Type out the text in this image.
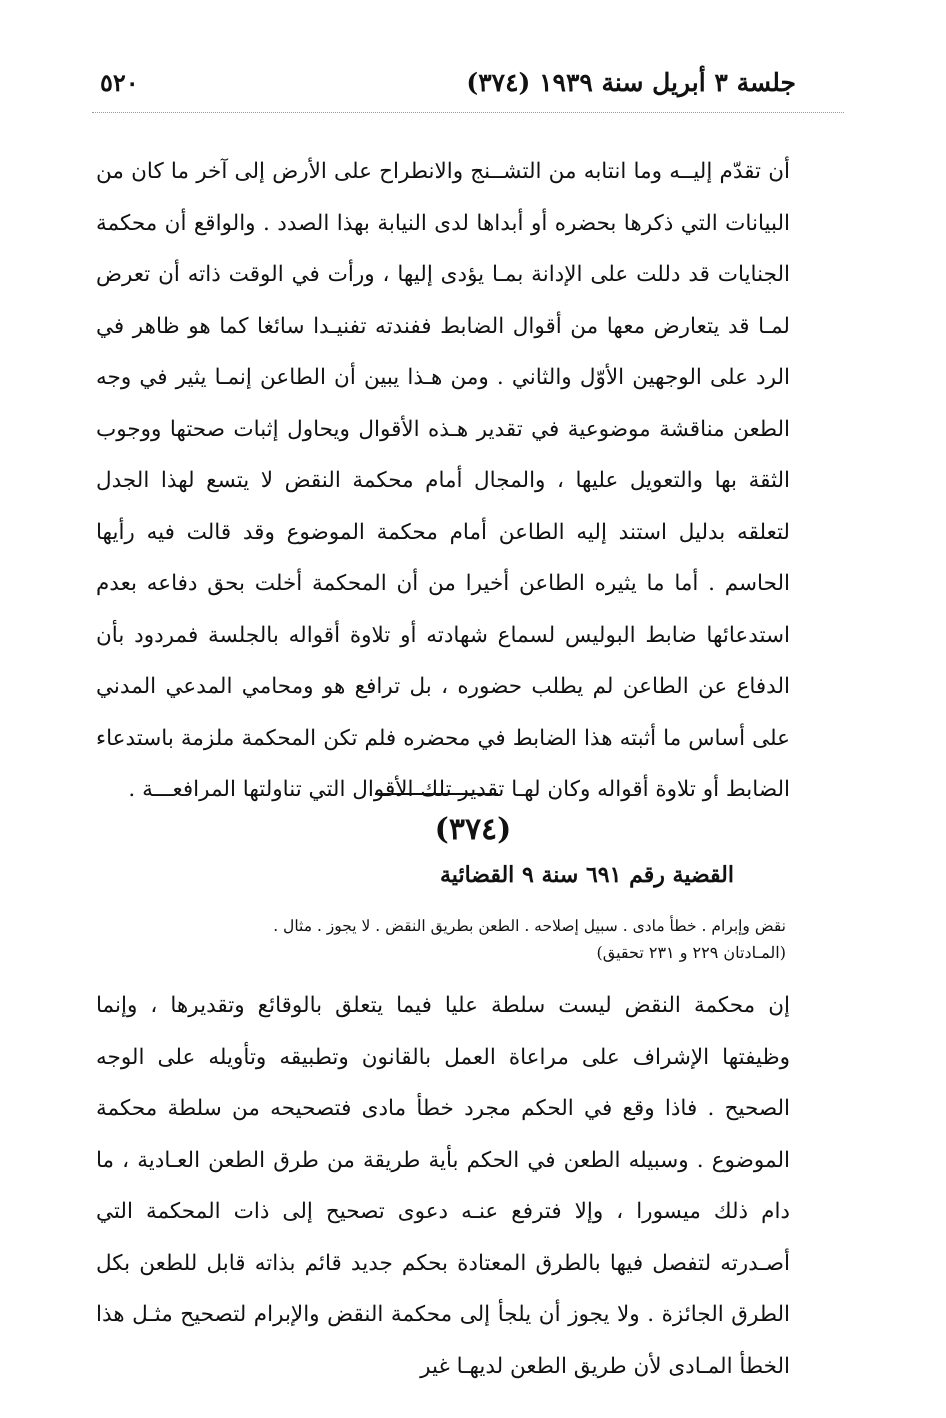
٥٢٠	جلسة ٣ أبريل سنة ١٩٣٩ (٣٧٤)

أن تقدّم إليــه وما انتابه من التشــنج والانطراح على الأرض إلى آخر ما كان من البيانات التي ذكرها بحضره أو أبداها لدى النيابة بهذا الصدد . والواقع أن محكمة الجنايات قد دللت على الإدانة بمـا يؤدى إليها ، ورأت في الوقت ذاته أن تعرض لمـا قد يتعارض معها من أقوال الضابط ففندته تفنيـدا سائغا كما هو ظاهر في الرد على الوجهين الأوّل والثاني . ومن هـذا يبين أن الطاعن إنمـا يثير في وجه الطعن مناقشة موضوعية في تقدير هـذه الأقوال ويحاول إثبات صحتها ووجوب الثقة بها والتعويل عليها ، والمجال أمام محكمة النقض لا يتسع لهذا الجدل لتعلقه بدليل استند إليه الطاعن أمام محكمة الموضوع وقد قالت فيه رأيها الحاسم . أما ما يثيره الطاعن أخيرا من أن المحكمة أخلت بحق دفاعه بعدم استدعائها ضابط البوليس لسماع شهادته أو تلاوة أقواله بالجلسة فمردود بأن الدفاع عن الطاعن لم يطلب حضوره ، بل ترافع هو ومحامي المدعي المدني على أساس ما أثبته هذا الضابط في محضره فلم تكن المحكمة ملزمة باستدعاء الضابط أو تلاوة أقواله وكان لهـا تقدير تلك الأقوال التي تناولتها المرافعـــة .

(٣٧٤)
القضية رقم ٦٩١ سنة ٩ القضائية
نقض وإبرام . خطأ مادى . سبيل إصلاحه . الطعن بطريق النقض . لا يجوز . مثال .
(المـادتان ٢٢٩ و ٢٣١ تحقيق)

إن محكمة النقض ليست سلطة عليا فيما يتعلق بالوقائع وتقديرها ، وإنما وظيفتها الإشراف على مراعاة العمل بالقانون وتطبيقه وتأويله على الوجه الصحيح . فاذا وقع في الحكم مجرد خطأ مادى فتصحيحه من سلطة محكمة الموضوع . وسبيله الطعن في الحكم بأية طريقة من طرق الطعن العـادية ، ما دام ذلك ميسورا ، وإلا فترفع عنـه دعوى تصحيح إلى ذات المحكمة التي أصـدرته لتفصل فيها بالطرق المعتادة بحكم جديد قائم بذاته قابل للطعن بكل الطرق الجائزة . ولا يجوز أن يلجأ إلى محكمة النقض والإبرام لتصحيح مثـل هذا الخطأ المـادى لأن طريق الطعن لديهـا غير
